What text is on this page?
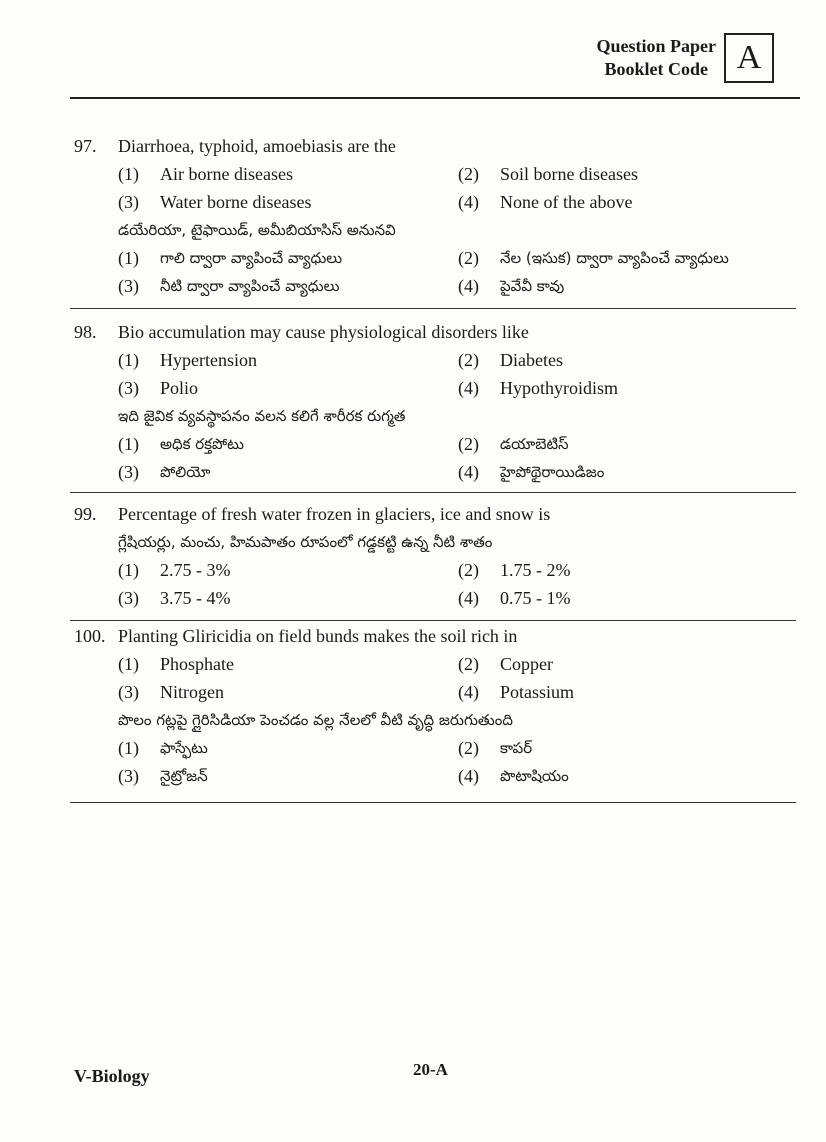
Question Paper
Booklet Code A
97.	Diarrhoea, typhoid, amoebiasis are the
(1)	Air borne diseases	(2)	Soil borne diseases
(3)	Water borne diseases	(4)	None of the above
డయేరియా, టైఫాయిడ్, అమీబియాసిస్ అనునవి
(1)	గాలి ద్వారా వ్యాపించే వ్యాధులు	(2)	నేల (ఇసుక) ద్వారా వ్యాపించే వ్యాధులు
(3)	నీటి ద్వారా వ్యాపించే వ్యాధులు	(4)	పైవేవీ కావు
98.	Bio accumulation may cause physiological disorders like
(1)	Hypertension	(2)	Diabetes
(3)	Polio	(4)	Hypothyroidism
ఇది జైవిక వ్యవస్థాపనం వలన కలిగే శారీరక రుగ్మత
(1)	అధిక రక్తపోటు	(2)	డయాబెటిస్
(3)	పోలియో	(4)	హైపోథైరాయిడిజం
99.	Percentage of fresh water frozen in glaciers, ice and snow is
గ్లేషియర్లు, మంచు, హిమపాతం రూపంలో గడ్డకట్టి ఉన్న నీటి శాతం
(1)	2.75 - 3%	(2)	1.75 - 2%
(3)	3.75 - 4%	(4)	0.75 - 1%
100. Planting Gliricidia on field bunds makes the soil rich in
(1)	Phosphate	(2)	Copper
(3)	Nitrogen	(4)	Potassium
పొలం గట్లపై గ్లైరిసిడియా పెంచడం వల్ల నేలలో వీటి వృద్ధి జరుగుతుంది
(1)	ఫాస్ఫేటు	(2)	కాపర్
(3)	నైట్రోజన్	(4)	పొటాషియం
V-Biology	20-A
